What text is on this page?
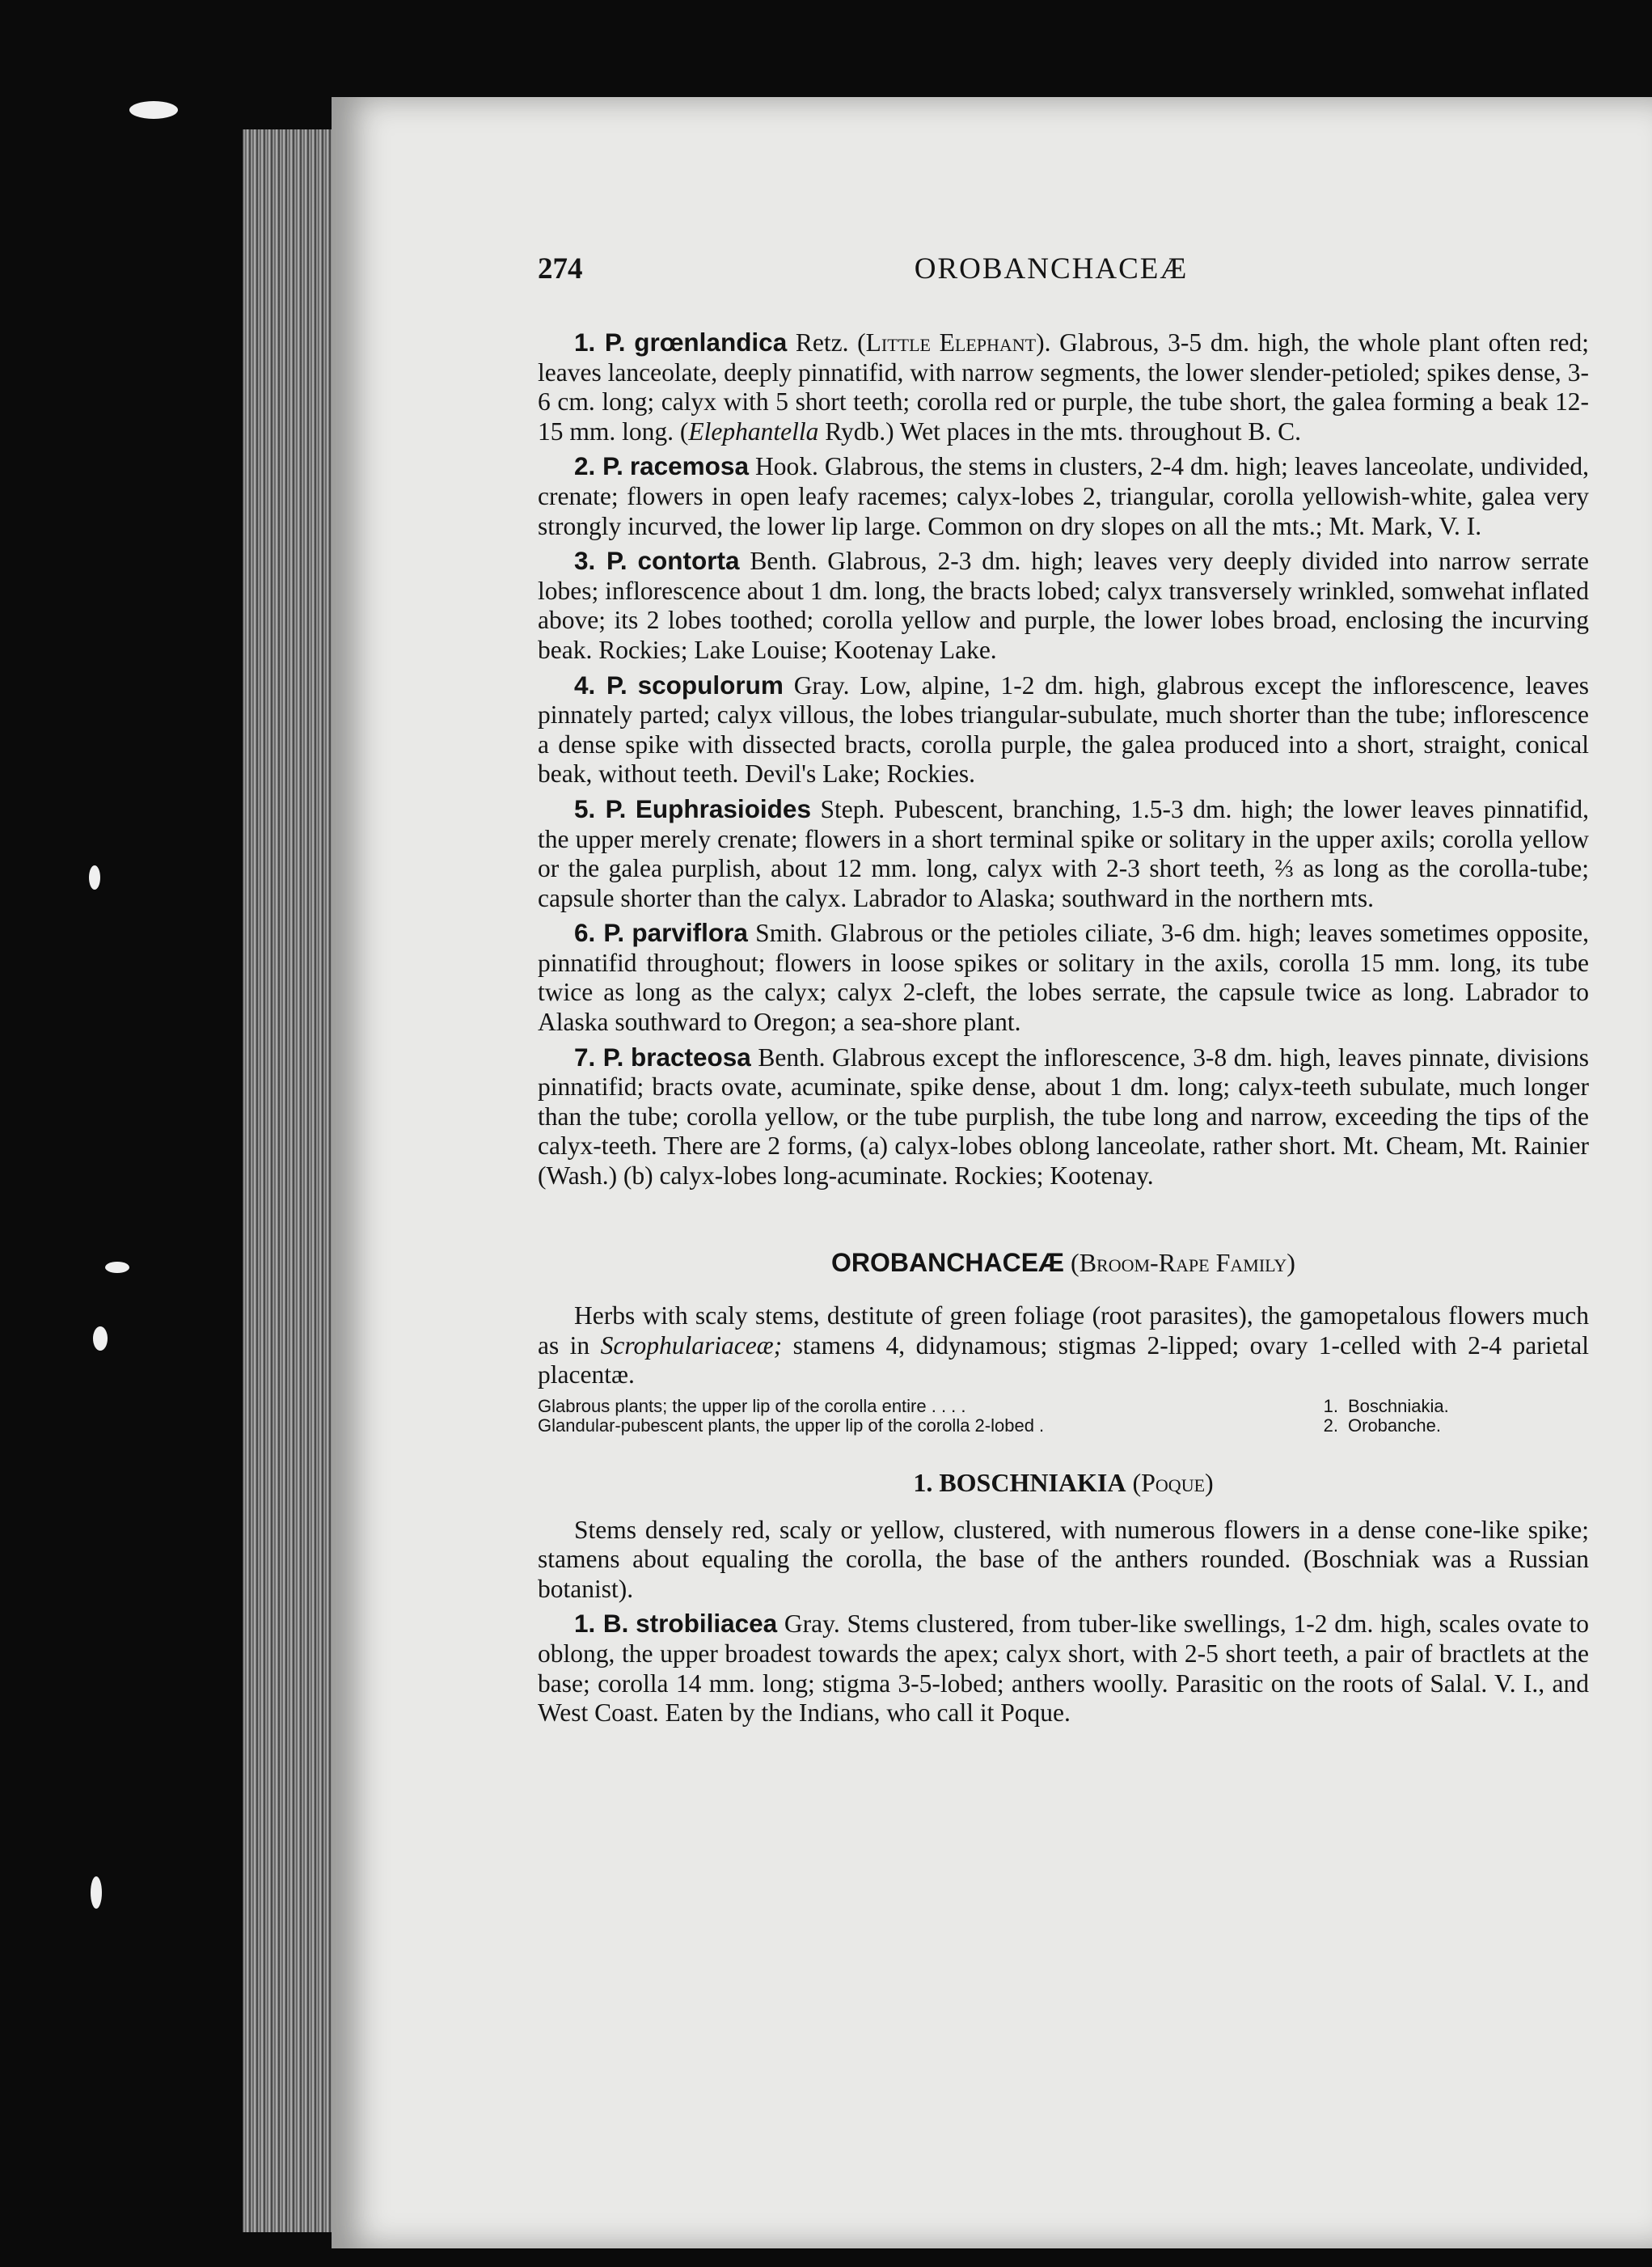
274	OROBANCHACEÆ

1. P. grœnlandica Retz. (Little Elephant). Glabrous, 3-5 dm. high, the whole plant often red; leaves lanceolate, deeply pinnatifid, with narrow segments, the lower slender-petioled; spikes dense, 3-6 cm. long; calyx with 5 short teeth; corolla red or purple, the tube short, the galea forming a beak 12-15 mm. long. (Elephantella Rydb.) Wet places in the mts. throughout B. C.

2. P. racemosa Hook. Glabrous, the stems in clusters, 2-4 dm. high; leaves lanceolate, undivided, crenate; flowers in open leafy racemes; calyx-lobes 2, triangular, corolla yellowish-white, galea very strongly incurved, the lower lip large. Common on dry slopes on all the mts.; Mt. Mark, V. I.

3. P. contorta Benth. Glabrous, 2-3 dm. high; leaves very deeply divided into narrow serrate lobes; inflorescence about 1 dm. long, the bracts lobed; calyx transversely wrinkled, somwehat inflated above; its 2 lobes toothed; corolla yellow and purple, the lower lobes broad, enclosing the incurving beak. Rockies; Lake Louise; Kootenay Lake.

4. P. scopulorum Gray. Low, alpine, 1-2 dm. high, glabrous except the inflorescence, leaves pinnately parted; calyx villous, the lobes triangular-subulate, much shorter than the tube; inflorescence a dense spike with dissected bracts, corolla purple, the galea produced into a short, straight, conical beak, without teeth. Devil's Lake; Rockies.

5. P. Euphrasioides Steph. Pubescent, branching, 1.5-3 dm. high; the lower leaves pinnatifid, the upper merely crenate; flowers in a short terminal spike or solitary in the upper axils; corolla yellow or the galea purplish, about 12 mm. long, calyx with 2-3 short teeth, ⅔ as long as the corolla-tube; capsule shorter than the calyx. Labrador to Alaska; southward in the northern mts.

6. P. parviflora Smith. Glabrous or the petioles ciliate, 3-6 dm. high; leaves sometimes opposite, pinnatifid throughout; flowers in loose spikes or solitary in the axils, corolla 15 mm. long, its tube twice as long as the calyx; calyx 2-cleft, the lobes serrate, the capsule twice as long. Labrador to Alaska southward to Oregon; a sea-shore plant.

7. P. bracteosa Benth. Glabrous except the inflorescence, 3-8 dm. high, leaves pinnate, divisions pinnatifid; bracts ovate, acuminate, spike dense, about 1 dm. long; calyx-teeth subulate, much longer than the tube; corolla yellow, or the tube purplish, the tube long and narrow, exceeding the tips of the calyx-teeth. There are 2 forms, (a) calyx-lobes oblong lanceolate, rather short. Mt. Cheam, Mt. Rainier (Wash.) (b) calyx-lobes long-acuminate. Rockies; Kootenay.

OROBANCHACEÆ (Broom-Rape Family)

Herbs with scaly stems, destitute of green foliage (root parasites), the gamopetalous flowers much as in Scrophulariaceæ; stamens 4, didynamous; stigmas 2-lipped; ovary 1-celled with 2-4 parietal placentæ.

Glabrous plants; the upper lip of the corolla entire . . . .	1. Boschniakia.
Glandular-pubescent plants, the upper lip of the corolla 2-lobed .	2. Orobanche.
1. BOSCHNIAKIA (Poque)

Stems densely red, scaly or yellow, clustered, with numerous flowers in a dense cone-like spike; stamens about equaling the corolla, the base of the anthers rounded. (Boschniak was a Russian botanist).

1. B. strobiliacea Gray. Stems clustered, from tuber-like swellings, 1-2 dm. high, scales ovate to oblong, the upper broadest towards the apex; calyx short, with 2-5 short teeth, a pair of bractlets at the base; corolla 14 mm. long; stigma 3-5-lobed; anthers woolly. Parasitic on the roots of Salal. V. I., and West Coast. Eaten by the Indians, who call it Poque.
